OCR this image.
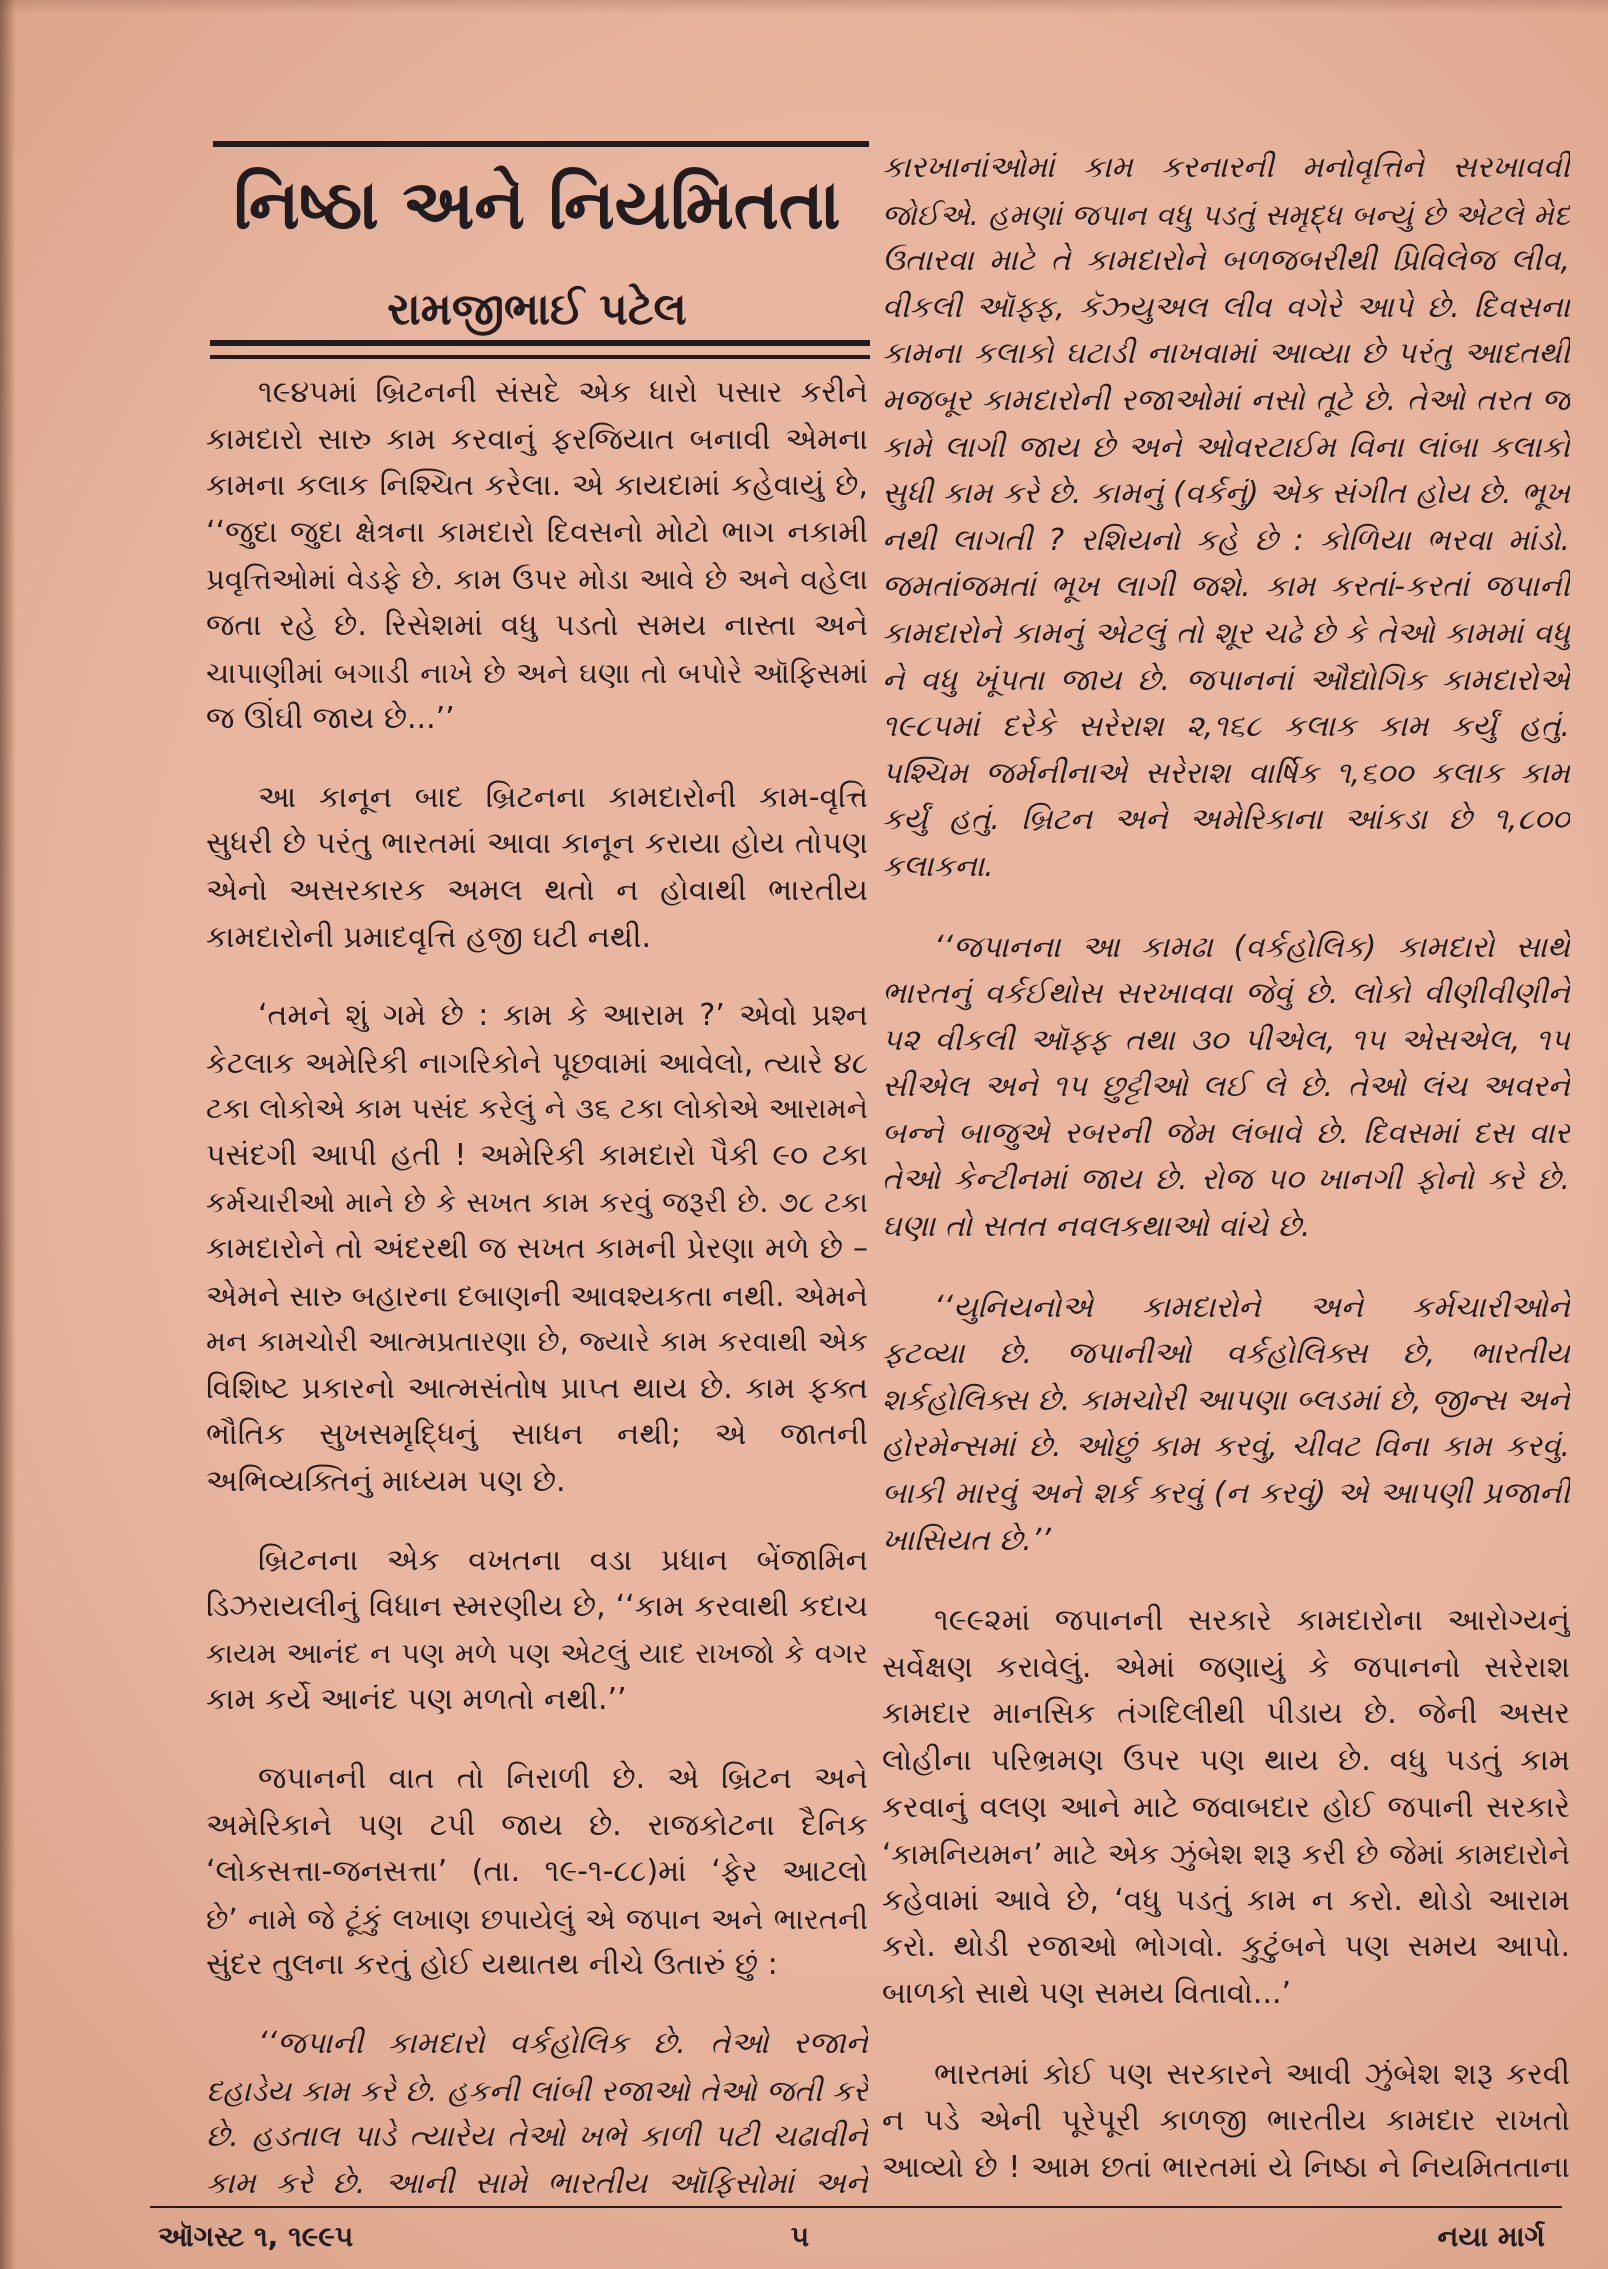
નિષ્ઠા અને નિયમિતતા
રામજીભાઈ પટેલ
૧૯૪૫માં બ્રિટનની સંસદે એક ધારો પસાર કરીને
કામદારો સારુ કામ કરવાનું ફરજિયાત બનાવી એમના
કામના કલાક નિશ્ચિત કરેલા. એ કાયદામાં કહેવાયું છે,
‘‘જુદા જુદા ક્ષેત્રના કામદારો દિવસનો મોટો ભાગ નકામી
પ્રવૃત્તિઓમાં વેડફે છે. કામ ઉપર મોડા આવે છે અને વહેલા
જતા રહે છે. રિસેશમાં વધુ પડતો સમય નાસ્તા અને
ચાપાણીમાં બગાડી નાખે છે અને ઘણા તો બપોરે ઑફિસમાં
જ ઊંઘી જાય છે...’’
આ કાનૂન બાદ બ્રિટનના કામદારોની કામ-વૃત્તિ
સુધરી છે પરંતુ ભારતમાં આવા કાનૂન કરાયા હોય તોપણ
એનો અસરકારક અમલ થતો ન હોવાથી ભારતીય
કામદારોની પ્રમાદવૃત્તિ હજી ઘટી નથી.
‘તમને શું ગમે છે : કામ કે આરામ ?’ એવો પ્રશ્ન
કેટલાક અમેરિકી નાગરિકોને પૂછવામાં આવેલો, ત્યારે ૪૮
ટકા લોકોએ કામ પસંદ કરેલું ને ૩૬ ટકા લોકોએ આરામને
પસંદગી આપી હતી ! અમેરિકી કામદારો પૈકી ૯૦ ટકા
કર્મચારીઓ માને છે કે સખત કામ કરવું જરૂરી છે. ૭૮ ટકા
કામદારોને તો અંદરથી જ સખત કામની પ્રેરણા મળે છે –
એમને સારુ બહારના દબાણની આવશ્યકતા નથી. એમને
મન કામચોરી આત્મપ્રતારણા છે, જ્યારે કામ કરવાથી એક
વિશિષ્ટ પ્રકારનો આત્મસંતોષ પ્રાપ્ત થાય છે. કામ ફક્ત
ભૌતિક સુખસમૃદ્ધિનું સાધન નથી; એ જાતની
અભિવ્યક્તિનું માધ્યમ પણ છે.
બ્રિટનના એક વખતના વડા પ્રધાન બેંજામિન
ડિઝરાયલીનું વિધાન સ્મરણીય છે, ‘‘કામ કરવાથી કદાચ
કાયમ આનંદ ન પણ મળે પણ એટલું યાદ રાખજો કે વગર
કામ કર્યે આનંદ પણ મળતો નથી.’’
જપાનની વાત તો નિરાળી છે. એ બ્રિટન અને
અમેરિકાને પણ ટપી જાય છે. રાજકોટના દૈનિક
‘લોકસત્તા-જનસત્તા’ (તા. ૧૯-૧-૮૮)માં ‘ફેર આટલો
છે’ નામે જે ટૂંકું લખાણ છપાયેલું એ જપાન અને ભારતની
સુંદર તુલના કરતું હોઈ યથાતથ નીચે ઉતારું છું :
‘‘જપાની કામદારો વર્કહોલિક છે. તેઓ રજાને
દહાડેય કામ કરે છે. હકની લાંબી રજાઓ તેઓ જતી કરે
છે. હડતાલ પાડે ત્યારેય તેઓ ખભે કાળી પટી ચઢાવીને
કામ કરે છે. આની સામે ભારતીય ઑફિસોમાં અને
કારખાનાંઓમાં કામ કરનારની મનોવૃત્તિને સરખાવવી
જોઈએ. હમણાં જપાન વધુ પડતું સમૃદ્ધ બન્યું છે એટલે મેદ
ઉતારવા માટે તે કામદારોને બળજબરીથી પ્રિવિલેજ લીવ,
વીકલી ઑફ્ફ, કૅઝ્યુઅલ લીવ વગેરે આપે છે. દિવસના
કામના કલાકો ઘટાડી નાખવામાં આવ્યા છે પરંતુ આદતથી
મજબૂર કામદારોની રજાઓમાં નસો તૂટે છે. તેઓ તરત જ
કામે લાગી જાય છે અને ઓવરટાઈમ વિના લાંબા કલાકો
સુધી કામ કરે છે. કામનું (વર્કનું) એક સંગીત હોય છે. ભૂખ
નથી લાગતી ? રશિયનો કહે છે : કોળિયા ભરવા માંડો.
જમતાંજમતાં ભૂખ લાગી જશે. કામ કરતાં-કરતાં જપાની
કામદારોને કામનું એટલું તો શૂર ચઢે છે કે તેઓ કામમાં વધુ
ને વધુ ખૂંપતા જાય છે. જપાનનાં ઔદ્યોગિક કામદારોએ
૧૯૮૫માં દરેકે સરેરાશ ૨,૧૬૮ કલાક કામ કર્યું હતું.
પશ્ચિમ જર્મનીનાએ સરેરાશ વાર્ષિક ૧,૬૦૦ કલાક કામ
કર્યું હતું. બ્રિટન અને અમેરિકાના આંકડા છે ૧,૮૦૦
કલાકના.
‘‘જપાનના આ કામઢા (વર્કહોલિક) કામદારો સાથે
ભારતનું વર્કઈથોસ સરખાવવા જેવું છે. લોકો વીણીવીણીને
૫૨ વીકલી ઑફ્ફ તથા ૩૦ પીએલ, ૧૫ એસએલ, ૧૫
સીએલ અને ૧૫ છુટ્ટીઓ લઈ લે છે. તેઓ લંચ અવરને
બન્ને બાજુએ રબરની જેમ લંબાવે છે. દિવસમાં દસ વાર
તેઓ કેન્ટીનમાં જાય છે. રોજ ૫૦ ખાનગી ફોનો કરે છે.
ઘણા તો સતત નવલકથાઓ વાંચે છે.
‘‘યુનિયનોએ કામદારોને અને કર્મચારીઓને
ફટવ્યા છે. જપાનીઓ વર્કહોલિક્સ છે, ભારતીય
શર્કહોલિક્સ છે. કામચોરી આપણા બ્લડમાં છે, જીન્સ અને
હોરમેન્સમાં છે. ઓછું કામ કરવું, ચીવટ વિના કામ કરવું.
બાકી મારવું અને શર્ક કરવું (ન કરવું) એ આપણી પ્રજાની
ખાસિયત છે.’’
૧૯૯૨માં જપાનની સરકારે કામદારોના આરોગ્યનું
સર્વેક્ષણ કરાવેલું. એમાં જણાયું કે જપાનનો સરેરાશ
કામદાર માનસિક તંગદિલીથી પીડાય છે. જેની અસર
લોહીના પરિભ્રમણ ઉપર પણ થાય છે. વધુ પડતું કામ
કરવાનું વલણ આને માટે જવાબદાર હોઈ જપાની સરકારે
‘કામનિયમન’ માટે એક ઝુંબેશ શરૂ કરી છે જેમાં કામદારોને
કહેવામાં આવે છે, ‘વધુ પડતું કામ ન કરો. થોડો આરામ
કરો. થોડી રજાઓ ભોગવો. કુટુંબને પણ સમય આપો.
બાળકો સાથે પણ સમય વિતાવો...’
ભારતમાં કોઈ પણ સરકારને આવી ઝુંબેશ શરૂ કરવી
ન પડે એની પૂરેપૂરી કાળજી ભારતીય કામદાર રાખતો
આવ્યો છે ! આમ છતાં ભારતમાં યે નિષ્ઠા ને નિયમિતતાના
ઑગસ્ટ ૧, ૧૯૯૫	૫	નયા માર્ગ
